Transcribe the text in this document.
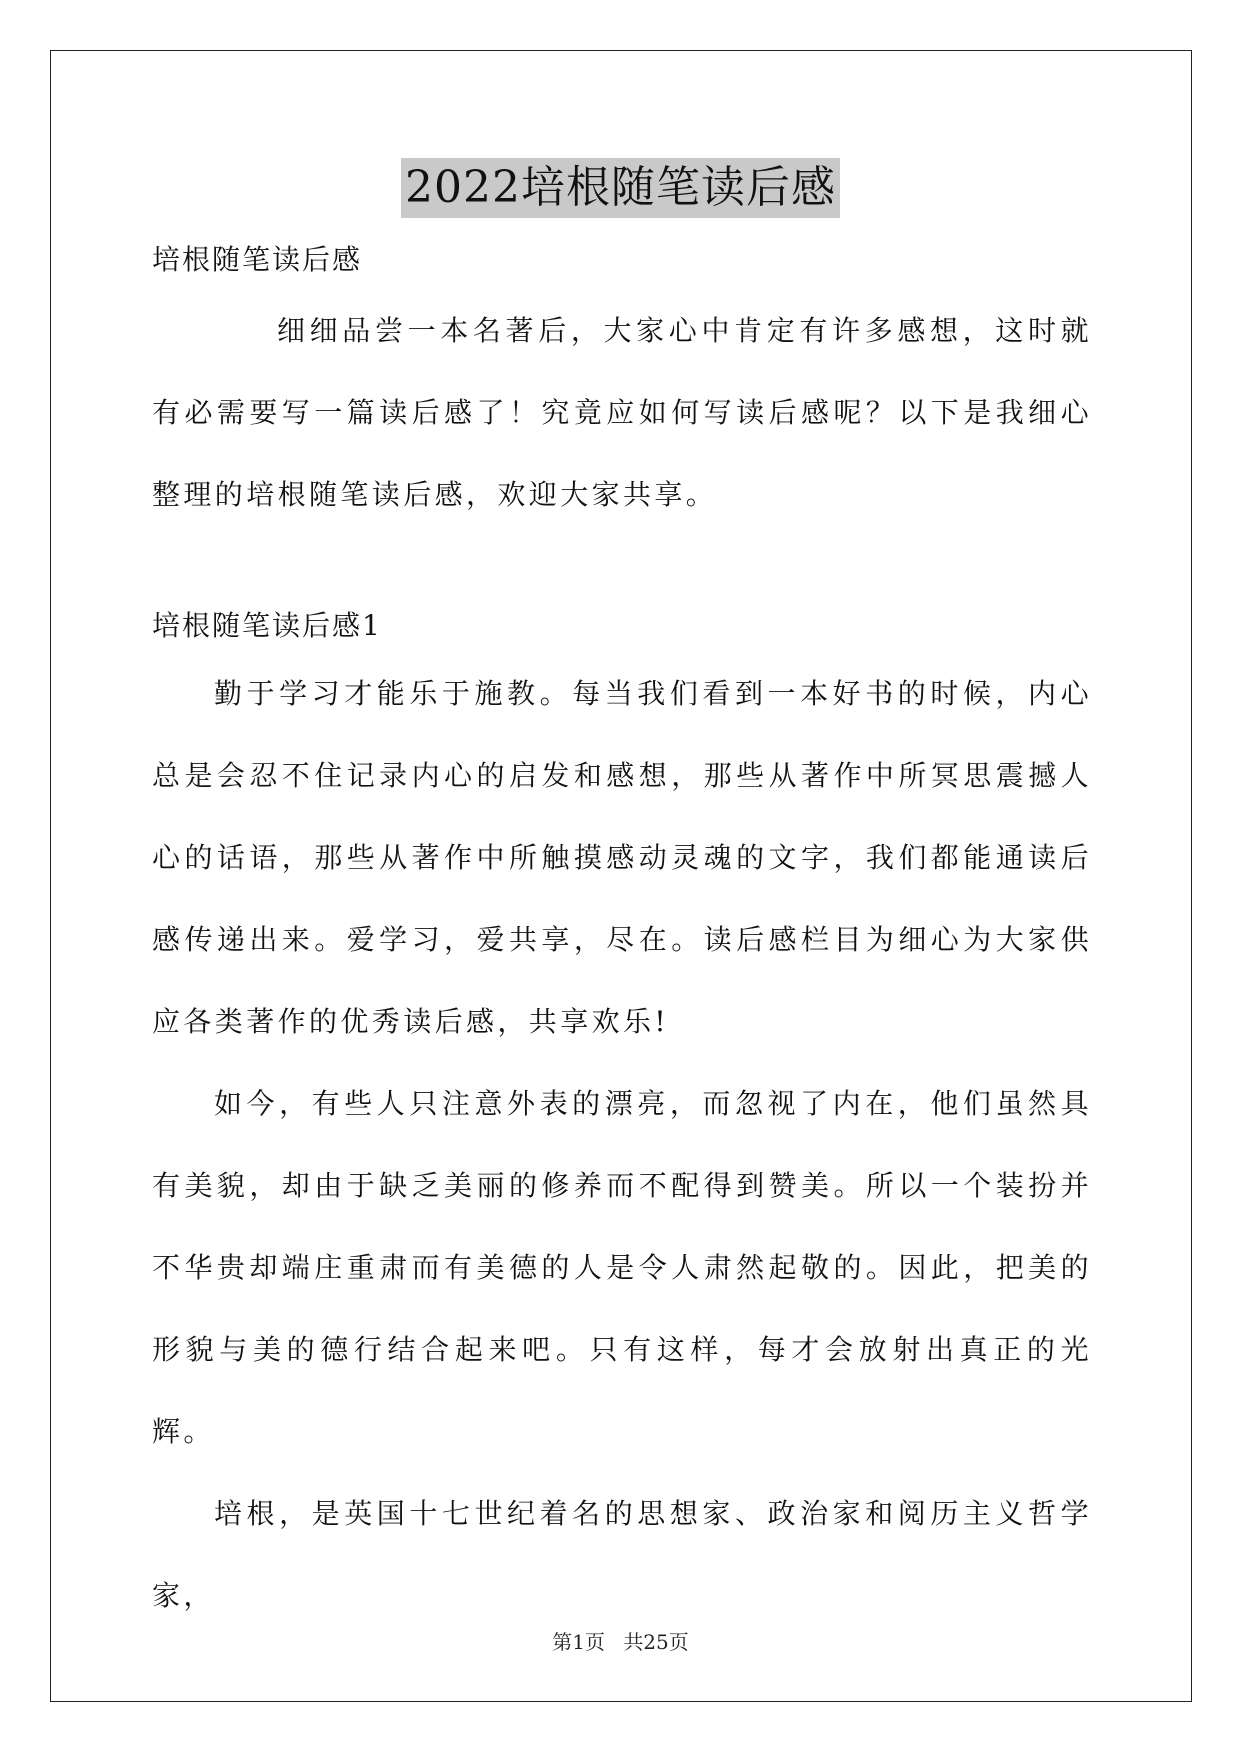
2022培根随笔读后感
培根随笔读后感

细细品尝一本名著后，大家心中肯定有许多感想，这时就有必需要写一篇读后感了！究竟应如何写读后感呢？以下是我细心整理的培根随笔读后感，欢迎大家共享。

培根随笔读后感1

勤于学习才能乐于施教。每当我们看到一本好书的时候，内心总是会忍不住记录内心的启发和感想，那些从著作中所冥思震撼人心的话语，那些从著作中所触摸感动灵魂的文字，我们都能通读后感传递出来。爱学习，爱共享，尽在。读后感栏目为细心为大家供应各类著作的优秀读后感，共享欢乐!

如今，有些人只注意外表的漂亮，而忽视了内在，他们虽然具有美貌，却由于缺乏美丽的修养而不配得到赞美。所以一个装扮并不华贵却端庄重肃而有美德的人是令人肃然起敬的。因此，把美的形貌与美的德行结合起来吧。只有这样，每才会放射出真正的光辉。

培根，是英国十七世纪着名的思想家、政治家和阅历主义哲学家，

第1页 共25页
